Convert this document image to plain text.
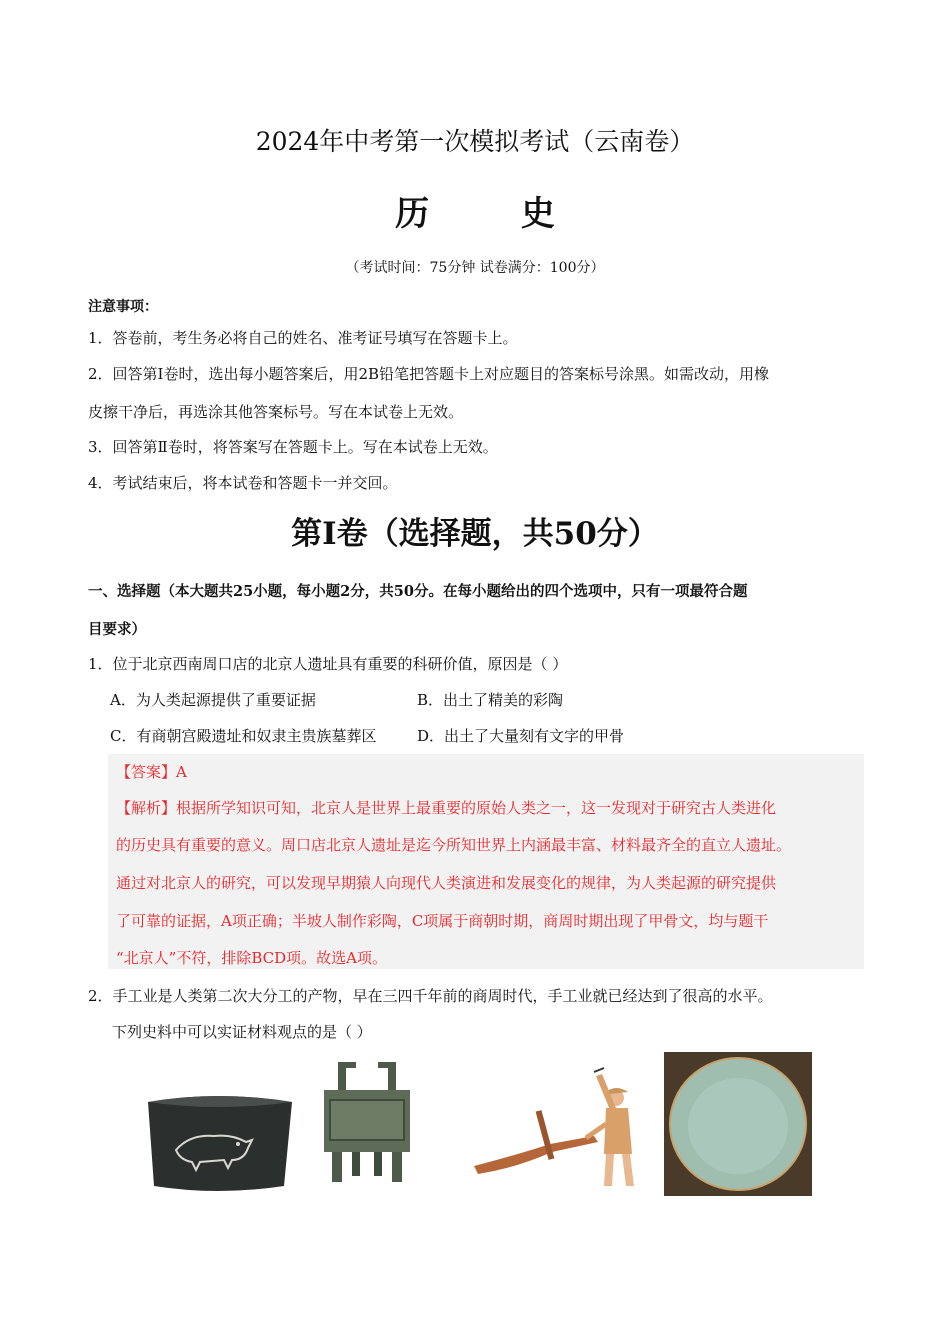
2024年中考第一次模拟考试（云南卷）
历 史
（考试时间：75分钟 试卷满分：100分）
注意事项：
1．答卷前，考生务必将自己的姓名、准考证号填写在答题卡上。
2．回答第Ⅰ卷时，选出每小题答案后，用2B铅笔把答题卡上对应题目的答案标号涂黑。如需改动，用橡
皮擦干净后，再选涂其他答案标号。写在本试卷上无效。
3．回答第Ⅱ卷时，将答案写在答题卡上。写在本试卷上无效。
4．考试结束后，将本试卷和答题卡一并交回。
第I卷（选择题，共50分）
一、选择题（本大题共25小题，每小题2分，共50分。在每小题给出的四个选项中，只有一项最符合题
目要求）
1．位于北京西南周口店的北京人遗址具有重要的科研价值，原因是（ ）
A．为人类起源提供了重要证据	B．出土了精美的彩陶
C．有商朝宫殿遗址和奴隶主贵族墓葬区	D．出土了大量刻有文字的甲骨
【答案】A
【解析】根据所学知识可知，北京人是世界上最重要的原始人类之一，这一发现对于研究古人类进化
的历史具有重要的意义。周口店北京人遗址是迄今所知世界上内涵最丰富、材料最齐全的直立人遗址。
通过对北京人的研究，可以发现早期猿人向现代人类演进和发展变化的规律，为人类起源的研究提供
了可靠的证据，A项正确；半坡人制作彩陶，C项属于商朝时期，商周时期出现了甲骨文，均与题干
“北京人”不符，排除BCD项。故选A项。
2．手工业是人类第二次大分工的产物，早在三四千年前的商周时代，手工业就已经达到了很高的水平。
下列史料中可以实证材料观点的是（ ）
